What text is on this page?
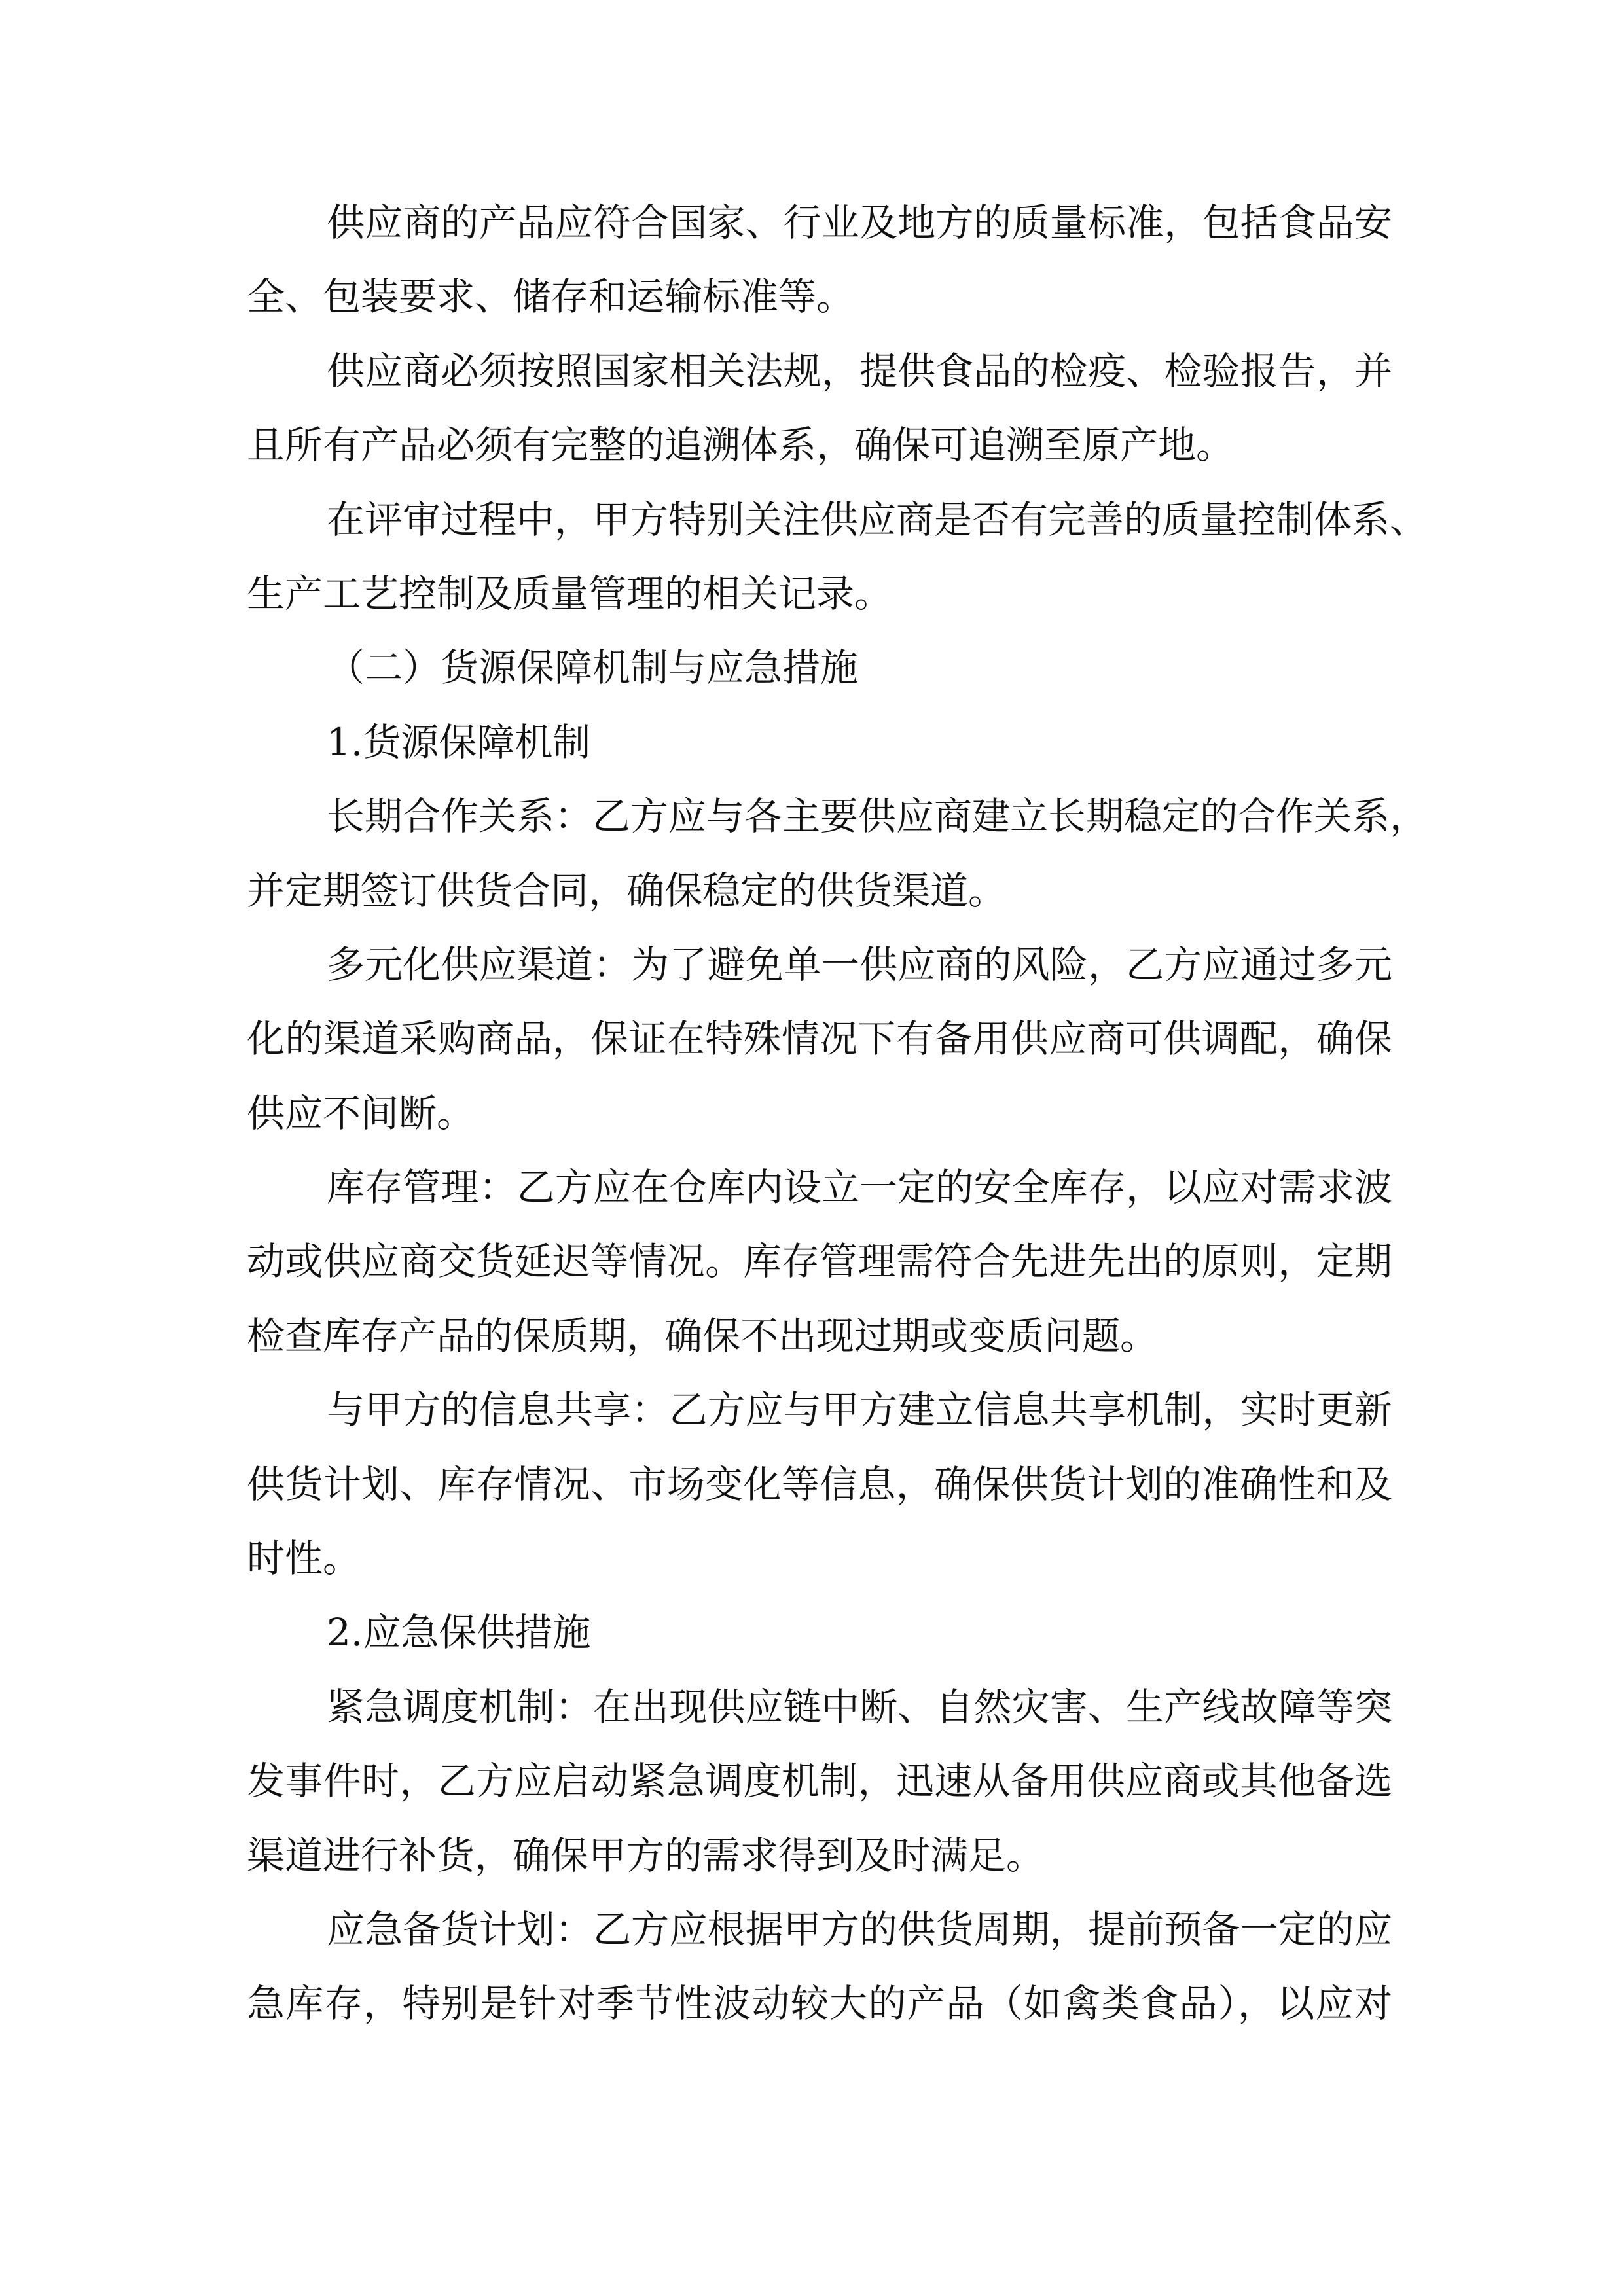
供应商的产品应符合国家、行业及地方的质量标准，包括食品安
全、包装要求、储存和运输标准等。
供应商必须按照国家相关法规，提供食品的检疫、检验报告，并
且所有产品必须有完整的追溯体系，确保可追溯至原产地。
在评审过程中，甲方特别关注供应商是否有完善的质量控制体系、
生产工艺控制及质量管理的相关记录。
（二）货源保障机制与应急措施
1.货源保障机制
长期合作关系：乙方应与各主要供应商建立长期稳定的合作关系，
并定期签订供货合同，确保稳定的供货渠道。
多元化供应渠道：为了避免单一供应商的风险，乙方应通过多元
化的渠道采购商品，保证在特殊情况下有备用供应商可供调配，确保
供应不间断。
库存管理：乙方应在仓库内设立一定的安全库存，以应对需求波
动或供应商交货延迟等情况。库存管理需符合先进先出的原则，定期
检查库存产品的保质期，确保不出现过期或变质问题。
与甲方的信息共享：乙方应与甲方建立信息共享机制，实时更新
供货计划、库存情况、市场变化等信息，确保供货计划的准确性和及
时性。
2.应急保供措施
紧急调度机制：在出现供应链中断、自然灾害、生产线故障等突
发事件时，乙方应启动紧急调度机制，迅速从备用供应商或其他备选
渠道进行补货，确保甲方的需求得到及时满足。
应急备货计划：乙方应根据甲方的供货周期，提前预备一定的应
急库存，特别是针对季节性波动较大的产品（如禽类食品），以应对
